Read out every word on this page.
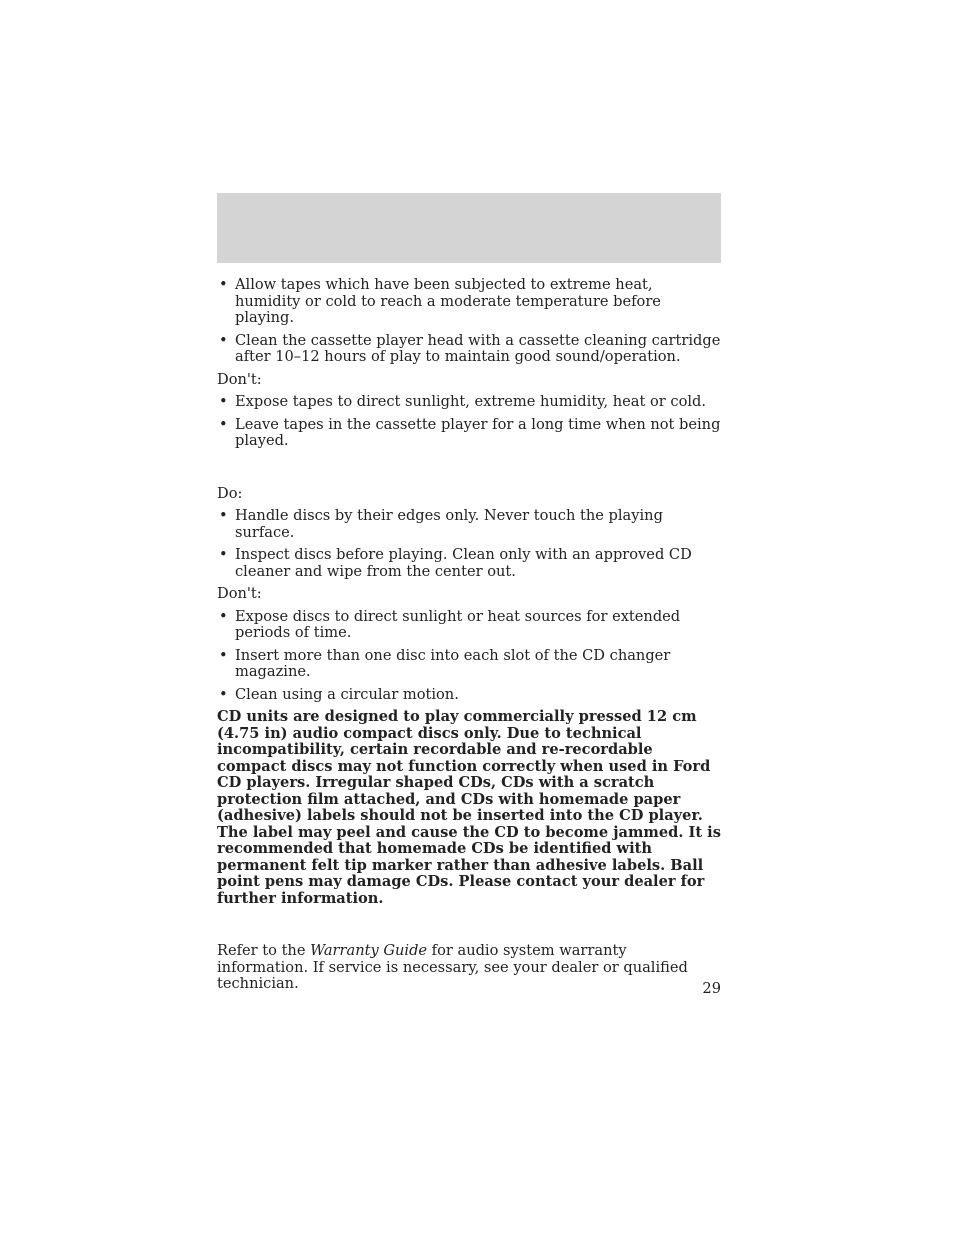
• Allow tapes which have been subjected to extreme heat, humidity or cold to reach a moderate temperature before playing.
• Clean the cassette player head with a cassette cleaning cartridge after 10–12 hours of play to maintain good sound/operation.

Don't:

• Expose tapes to direct sunlight, extreme humidity, heat or cold.
• Leave tapes in the cassette player for a long time when not being played.

Do:

• Handle discs by their edges only. Never touch the playing surface.
• Inspect discs before playing. Clean only with an approved CD cleaner and wipe from the center out.

Don't:

• Expose discs to direct sunlight or heat sources for extended periods of time.
• Insert more than one disc into each slot of the CD changer magazine.
• Clean using a circular motion.

CD units are designed to play commercially pressed 12 cm (4.75 in) audio compact discs only. Due to technical incompatibility, certain recordable and re-recordable compact discs may not function correctly when used in Ford CD players. Irregular shaped CDs, CDs with a scratch protection film attached, and CDs with homemade paper (adhesive) labels should not be inserted into the CD player. The label may peel and cause the CD to become jammed. It is recommended that homemade CDs be identified with permanent felt tip marker rather than adhesive labels. Ball point pens may damage CDs. Please contact your dealer for further information.

Refer to the Warranty Guide for audio system warranty information. If service is necessary, see your dealer or qualified technician.	29
